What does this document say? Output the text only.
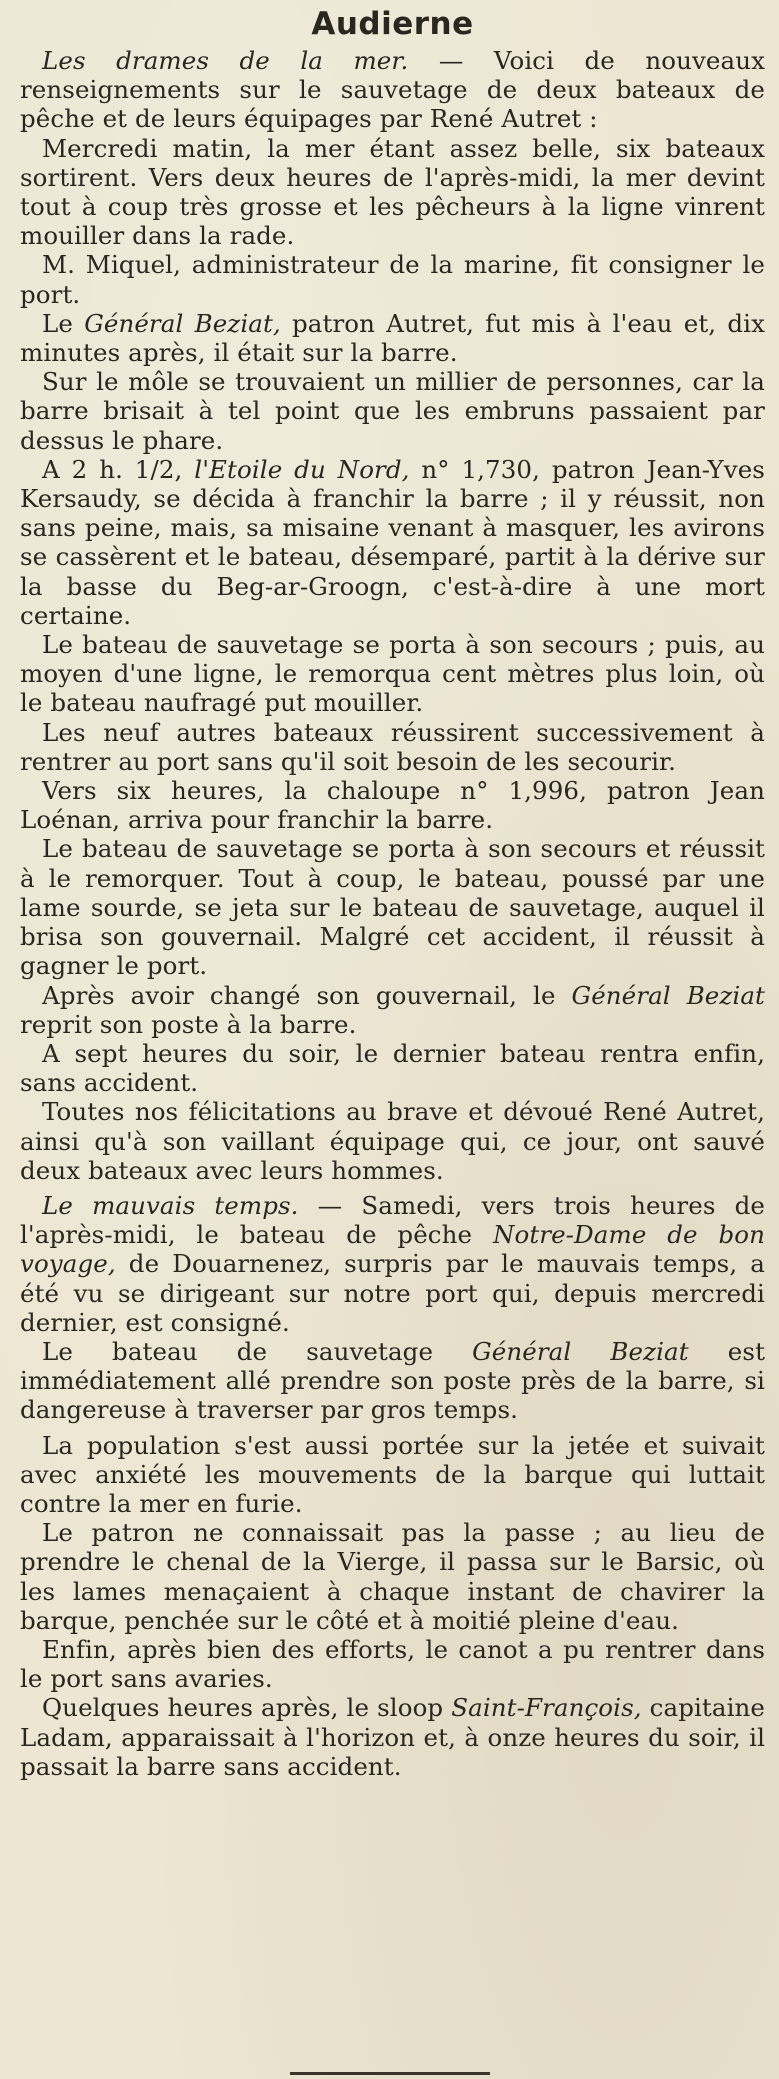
Audierne

Les drames de la mer. — Voici de nouveaux renseignements sur le sauvetage de deux bateaux de pêche et de leurs équipages par René Autret :

Mercredi matin, la mer étant assez belle, six bateaux sortirent. Vers deux heures de l'après-midi, la mer devint tout à coup très grosse et les pêcheurs à la ligne vinrent mouiller dans la rade.

M. Miquel, administrateur de la marine, fit consigner le port.

Le Général Beziat, patron Autret, fut mis à l'eau et, dix minutes après, il était sur la barre.

Sur le môle se trouvaient un millier de personnes, car la barre brisait à tel point que les embruns passaient par dessus le phare.

A 2 h. 1/2, l'Etoile du Nord, n° 1,730, patron Jean-Yves Kersaudy, se décida à franchir la barre ; il y réussit, non sans peine, mais, sa misaine venant à masquer, les avirons se cassèrent et le bateau, désemparé, partit à la dérive sur la basse du Beg-ar-Groogn, c'est-à-dire à une mort certaine.

Le bateau de sauvetage se porta à son secours ; puis, au moyen d'une ligne, le remorqua cent mètres plus loin, où le bateau naufragé put mouiller.

Les neuf autres bateaux réussirent successivement à rentrer au port sans qu'il soit besoin de les secourir.

Vers six heures, la chaloupe n° 1,996, patron Jean Loénan, arriva pour franchir la barre.

Le bateau de sauvetage se porta à son secours et réussit à le remorquer. Tout à coup, le bateau, poussé par une lame sourde, se jeta sur le bateau de sauvetage, auquel il brisa son gouvernail. Malgré cet accident, il réussit à gagner le port.

Après avoir changé son gouvernail, le Général Beziat reprit son poste à la barre.

A sept heures du soir, le dernier bateau rentra enfin, sans accident.

Toutes nos félicitations au brave et dévoué René Autret, ainsi qu'à son vaillant équipage qui, ce jour, ont sauvé deux bateaux avec leurs hommes.

Le mauvais temps. — Samedi, vers trois heures de l'après-midi, le bateau de pêche Notre-Dame de bon voyage, de Douarnenez, surpris par le mauvais temps, a été vu se dirigeant sur notre port qui, depuis mercredi dernier, est consigné.

Le bateau de sauvetage Général Beziat est immédiatement allé prendre son poste près de la barre, si dangereuse à traverser par gros temps.

La population s'est aussi portée sur la jetée et suivait avec anxiété les mouvements de la barque qui luttait contre la mer en furie.

Le patron ne connaissait pas la passe ; au lieu de prendre le chenal de la Vierge, il passa sur le Barsic, où les lames menaçaient à chaque instant de chavirer la barque, penchée sur le côté et à moitié pleine d'eau.

Enfin, après bien des efforts, le canot a pu rentrer dans le port sans avaries.

Quelques heures après, le sloop Saint-François, capitaine Ladam, apparaissait à l'horizon et, à onze heures du soir, il passait la barre sans accident.
